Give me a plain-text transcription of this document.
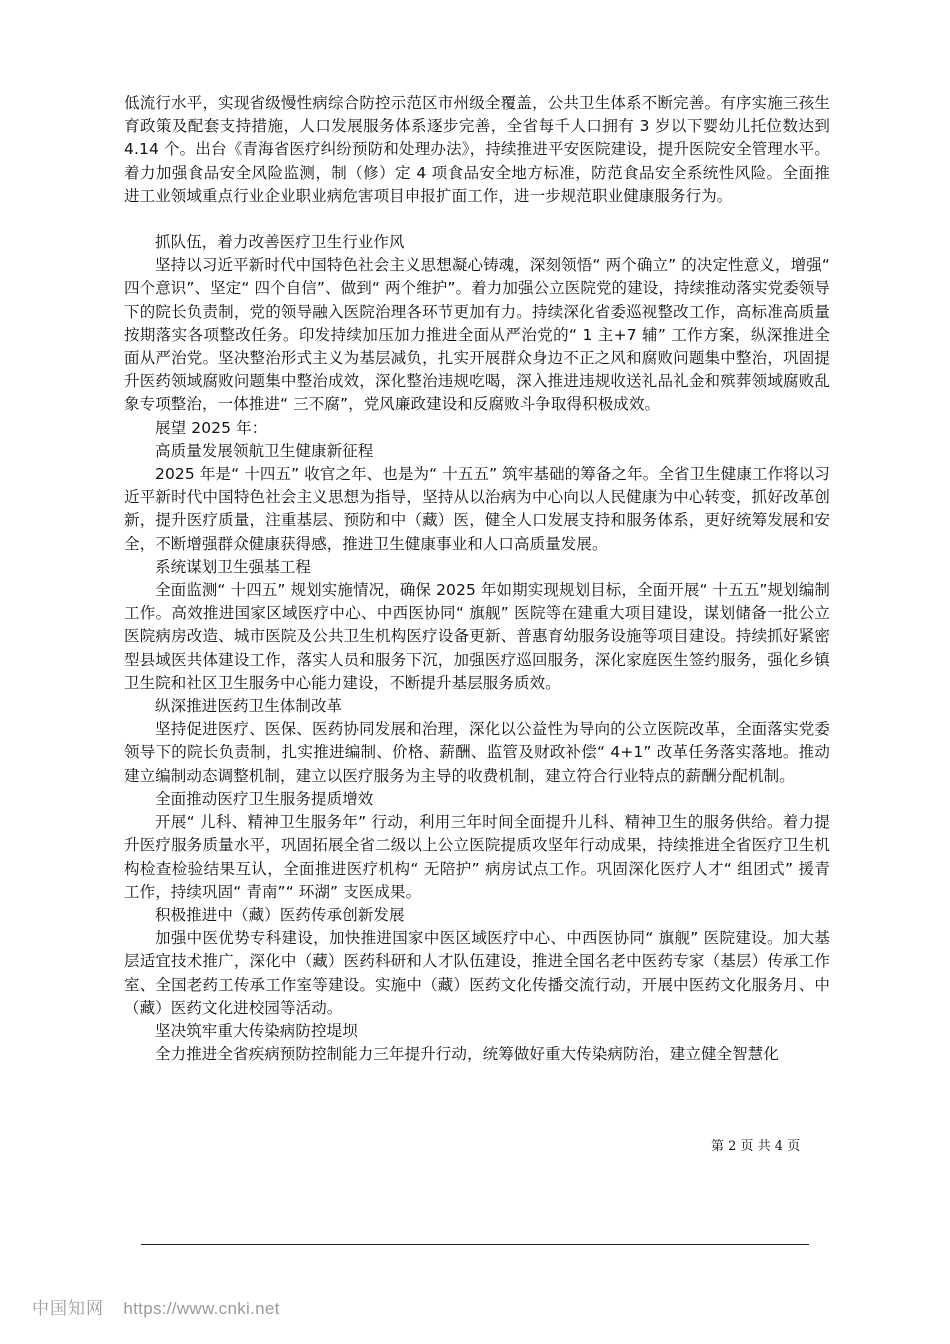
低流行水平，实现省级慢性病综合防控示范区市州级全覆盖，公共卫生体系不断完善。有序实施三孩生育政策及配套支持措施，人口发展服务体系逐步完善，全省每千人口拥有 3 岁以下婴幼儿托位数达到 4.14 个。出台《青海省医疗纠纷预防和处理办法》，持续推进平安医院建设，提升医院安全管理水平。着力加强食品安全风险监测，制（修）定 4 项食品安全地方标准，防范食品安全系统性风险。全面推进工业领域重点行业企业职业病危害项目申报扩面工作，进一步规范职业健康服务行为。

抓队伍，着力改善医疗卫生行业作风

坚持以习近平新时代中国特色社会主义思想凝心铸魂，深刻领悟“ 两个确立” 的决定性意义，增强“ 四个意识”、坚定“ 四个自信”、做到“ 两个维护”。着力加强公立医院党的建设，持续推动落实党委领导下的院长负责制，党的领导融入医院治理各环节更加有力。持续深化省委巡视整改工作，高标准高质量按期落实各项整改任务。印发持续加压加力推进全面从严治党的“ 1 主+7 辅” 工作方案，纵深推进全面从严治党。坚决整治形式主义为基层减负，扎实开展群众身边不正之风和腐败问题集中整治，巩固提升医药领域腐败问题集中整治成效，深化整治违规吃喝，深入推进违规收送礼品礼金和殡葬领域腐败乱象专项整治，一体推进“ 三不腐”，党风廉政建设和反腐败斗争取得积极成效。

展望 2025 年：

高质量发展领航卫生健康新征程

2025 年是“ 十四五” 收官之年、也是为“ 十五五” 筑牢基础的筹备之年。全省卫生健康工作将以习近平新时代中国特色社会主义思想为指导，坚持从以治病为中心向以人民健康为中心转变，抓好改革创新，提升医疗质量，注重基层、预防和中（藏）医，健全人口发展支持和服务体系，更好统筹发展和安全，不断增强群众健康获得感，推进卫生健康事业和人口高质量发展。

系统谋划卫生强基工程

全面监测“ 十四五” 规划实施情况，确保 2025 年如期实现规划目标，全面开展“ 十五五”规划编制工作。高效推进国家区域医疗中心、中西医协同“ 旗舰” 医院等在建重大项目建设，谋划储备一批公立医院病房改造、城市医院及公共卫生机构医疗设备更新、普惠育幼服务设施等项目建设。持续抓好紧密型县域医共体建设工作，落实人员和服务下沉，加强医疗巡回服务，深化家庭医生签约服务，强化乡镇卫生院和社区卫生服务中心能力建设，不断提升基层服务质效。

纵深推进医药卫生体制改革

坚持促进医疗、医保、医药协同发展和治理，深化以公益性为导向的公立医院改革，全面落实党委领导下的院长负责制，扎实推进编制、价格、薪酬、监管及财政补偿“ 4+1” 改革任务落实落地。推动建立编制动态调整机制，建立以医疗服务为主导的收费机制，建立符合行业特点的薪酬分配机制。

全面推动医疗卫生服务提质增效

开展“ 儿科、精神卫生服务年” 行动，利用三年时间全面提升儿科、精神卫生的服务供给。着力提升医疗服务质量水平，巩固拓展全省二级以上公立医院提质攻坚年行动成果，持续推进全省医疗卫生机构检查检验结果互认，全面推进医疗机构“ 无陪护” 病房试点工作。巩固深化医疗人才“ 组团式” 援青工作，持续巩固“ 青南”“ 环湖” 支医成果。

积极推进中（藏）医药传承创新发展

加强中医优势专科建设，加快推进国家中医区域医疗中心、中西医协同“ 旗舰” 医院建设。加大基层适宜技术推广，深化中（藏）医药科研和人才队伍建设，推进全国名老中医药专家（基层）传承工作室、全国老药工传承工作室等建设。实施中（藏）医药文化传播交流行动，开展中医药文化服务月、中（藏）医药文化进校园等活动。

坚决筑牢重大传染病防控堤坝

全力推进全省疾病预防控制能力三年提升行动，统筹做好重大传染病防治，建立健全智慧化

第 2 页 共 4 页
中国知网 https://www.cnki.net
